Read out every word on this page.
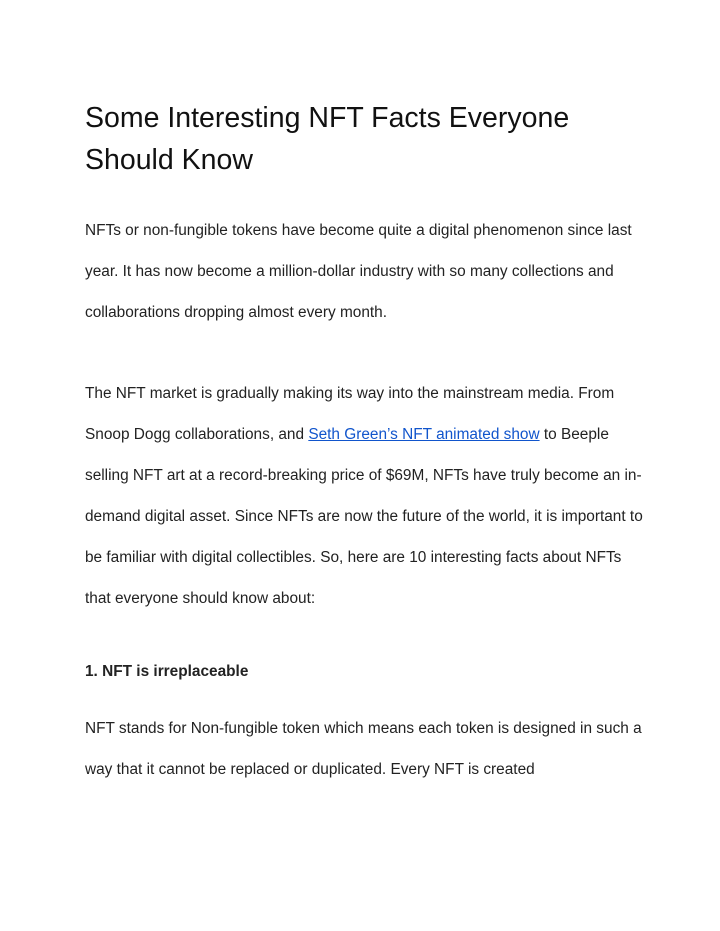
Some Interesting NFT Facts Everyone Should Know

NFTs or non-fungible tokens have become quite a digital phenomenon since last year. It has now become a million-dollar industry with so many collections and collaborations dropping almost every month.

The NFT market is gradually making its way into the mainstream media. From Snoop Dogg collaborations, and Seth Green’s NFT animated show to Beeple selling NFT art at a record-breaking price of $69M, NFTs have truly become an in-demand digital asset. Since NFTs are now the future of the world, it is important to be familiar with digital collectibles. So, here are 10 interesting facts about NFTs that everyone should know about:

1. NFT is irreplaceable

NFT stands for Non-fungible token which means each token is designed in such a way that it cannot be replaced or duplicated. Every NFT is created
